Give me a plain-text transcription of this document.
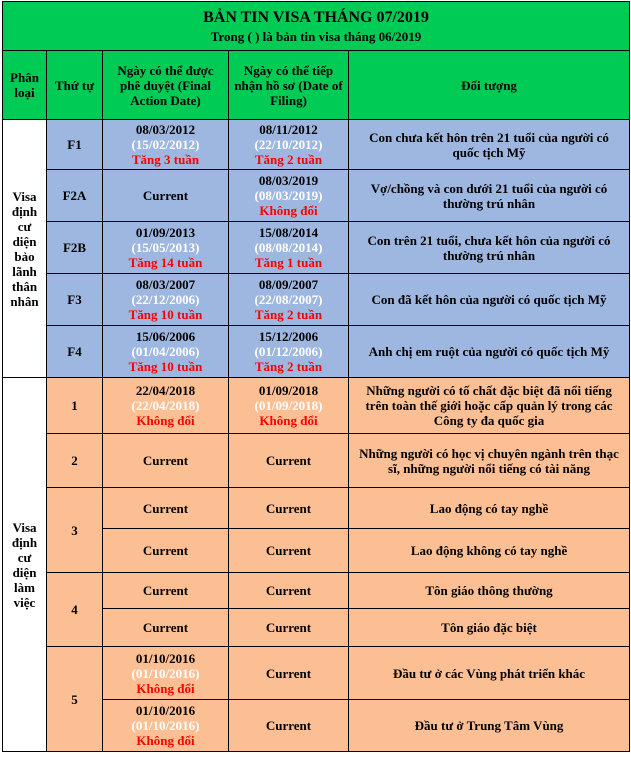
BẢN TIN VISA THÁNG 07/2019
Trong ( ) là bản tin visa tháng 06/2019				

Phân loại	Thứ tự	Ngày có thể được phê duyệt (Final Action Date)	Ngày có thể tiếp nhận hồ sơ (Date of Filing)	Đối tượng
Visa định cư diện bảo lãnh thân nhân	F1	08/03/2012
(15/02/2012)
Tăng 3 tuần	08/11/2012
(22/10/2012)
Tăng 2 tuần	Con chưa kết hôn trên 21 tuổi của người có quốc tịch Mỹ
	F2A	Current	08/03/2019
(08/03/2019)
Không đổi	Vợ/chồng và con dưới 21 tuổi của người có thường trú nhân
	F2B	01/09/2013
(15/05/2013)
Tăng 14 tuần	15/08/2014
(08/08/2014)
Tăng 1 tuần	Con trên 21 tuổi, chưa kết hôn của người có thường trú nhân
	F3	08/03/2007
(22/12/2006)
Tăng 10 tuần	08/09/2007
(22/08/2007)
Tăng 2 tuần	Con đã kết hôn của người có quốc tịch Mỹ
	F4	15/06/2006
(01/04/2006)
Tăng 10 tuần	15/12/2006
(01/12/2006)
Tăng 2 tuần	Anh chị em ruột của người có quốc tịch Mỹ
Visa định cư diện làm việc	1	22/04/2018
(22/04/2018)
Không đổi	01/09/2018
(01/09/2018)
Không đổi	Những người có tố chất đặc biệt đã nổi tiếng trên toàn thế giới hoặc cấp quản lý trong các Công ty đa quốc gia
	2	Current	Current	Những người có học vị chuyên ngành trên thạc sĩ, những người nổi tiếng có tài năng
	3	Current	Current	Lao động có tay nghề
		Current	Current	Lao động không có tay nghề
	4	Current	Current	Tôn giáo thông thường
		Current	Current	Tôn giáo đặc biệt
	5	01/10/2016
(01/10/2016)
Không đổi	Current	Đầu tư ở các Vùng phát triển khác

		01/10/2016
(01/10/2016)
Không đổi	Current	Đầu tư ở Trung Tâm Vùng
